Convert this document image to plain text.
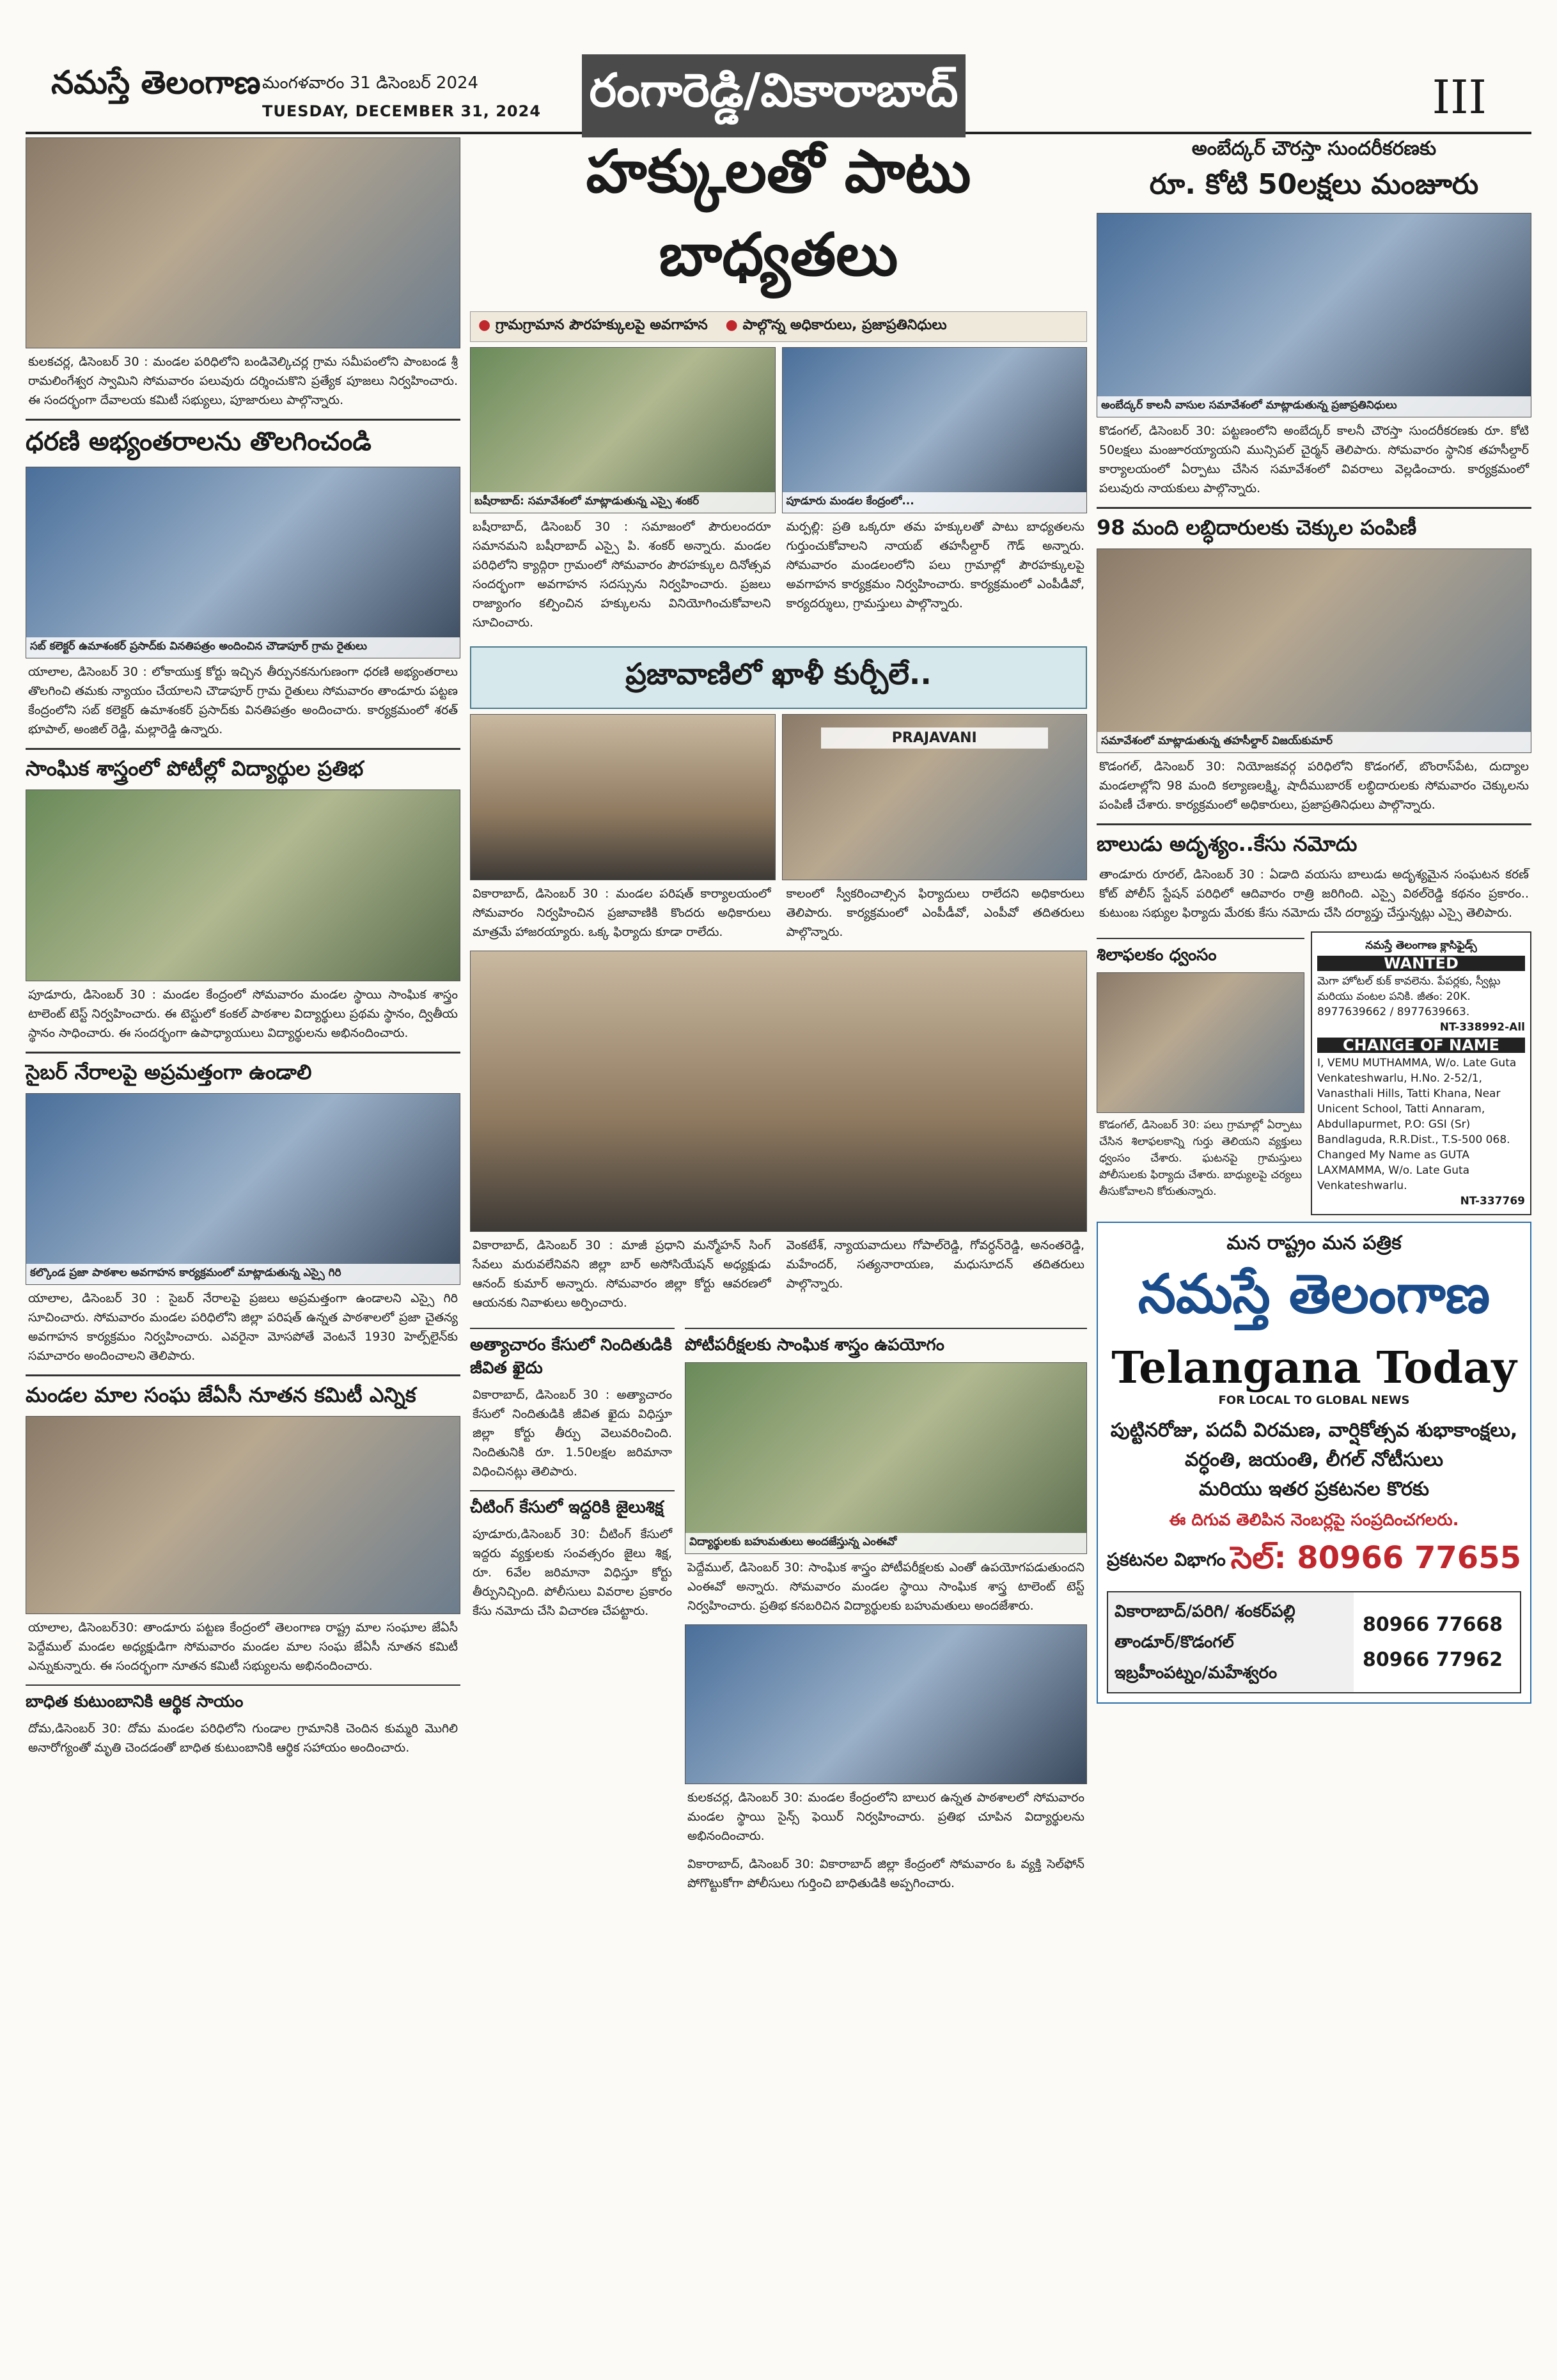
నమస్తే తెలంగాణ మంగళవారం 31 డిసెంబర్ 2024
TUESDAY, DECEMBER 31, 2024 రంగారెడ్డి/వికారాబాద్	III
కులకచర్ల, డిసెంబర్ 30 : మండల పరిధిలోని బండివెల్కిచర్ల గ్రామ సమీపంలోని పాంబండ శ్రీ రామలింగేశ్వర స్వామిని సోమవారం పలువురు దర్శించుకొని ప్రత్యేక పూజలు నిర్వహించారు. ఈ సందర్భంగా దేవాలయ కమిటీ సభ్యులు, పూజారులు పాల్గొన్నారు.
ధరణి అభ్యంతరాలను తొలగించండి
సబ్ కలెక్టర్ ఉమాశంకర్ ప్రసాద్‌కు వినతిపత్రం అందించిన చౌడాపూర్ గ్రామ రైతులు
యాలాల, డిసెంబర్ 30 : లోకాయుక్త కోర్టు ఇచ్చిన తీర్పునకనుగుణంగా ధరణి అభ్యంతరాలు తొలగించి తమకు న్యాయం చేయాలని చౌడాపూర్ గ్రామ రైతులు సోమవారం తాండూరు పట్టణ కేంద్రంలోని సబ్ కలెక్టర్ ఉమాశంకర్ ప్రసాద్‌కు వినతిపత్రం అందించారు. కార్యక్రమంలో శరత్ భూపాల్, అంజిల్ రెడ్డి, మల్లారెడ్డి ఉన్నారు.
సాంఘిక శాస్త్రంలో పోటీల్లో విద్యార్థుల ప్రతిభ
పూడూరు, డిసెంబర్ 30 : మండల కేంద్రంలో సోమవారం మండల స్థాయి సాంఘిక శాస్త్రం టాలెంట్ టెస్ట్ నిర్వహించారు. ఈ టెస్టులో కంకల్ పాఠశాల విద్యార్థులు ప్రథమ స్థానం, ద్వితీయ స్థానం సాధించారు. ఈ సందర్భంగా ఉపాధ్యాయులు విద్యార్థులను అభినందించారు.
సైబర్ నేరాలపై అప్రమత్తంగా ఉండాలి
కల్కొండ ప్రజా పాఠశాల అవగాహన కార్యక్రమంలో మాట్లాడుతున్న ఎస్సై గిరి
యాలాల, డిసెంబర్ 30 : సైబర్ నేరాలపై ప్రజలు అప్రమత్తంగా ఉండాలని ఎస్సై గిరి సూచించారు. సోమవారం మండల పరిధిలోని జిల్లా పరిషత్ ఉన్నత పాఠశాలలో ప్రజా చైతన్య అవగాహన కార్యక్రమం నిర్వహించారు. ఎవరైనా మోసపోతే వెంటనే 1930 హెల్ప్‌లైన్‌కు సమాచారం అందించాలని తెలిపారు.
మండల మాల సంఘ జేఏసీ నూతన కమిటీ ఎన్నిక
యాలాల, డిసెంబర్30: తాండూరు పట్టణ కేంద్రంలో తెలంగాణ రాష్ట్ర మాల సంఘాల జేఏసీ పెద్దేముల్ మండల అధ్యక్షుడిగా సోమవారం మండల మాల సంఘ జేఏసీ నూతన కమిటీ ఎన్నుకున్నారు. ఈ సందర్భంగా నూతన కమిటీ సభ్యులను అభినందించారు.
బాధిత కుటుంబానికి ఆర్థిక సాయం
దోమ,డిసెంబర్ 30: దోమ మండల పరిధిలోని గుండాల గ్రామానికి చెందిన కుమ్మరి మొగిలి అనారోగ్యంతో మృతి చెందడంతో బాధిత కుటుంబానికి ఆర్థిక సహాయం అందించారు.
హక్కులతో పాటు బాధ్యతలు
● గ్రామగ్రామాన పౌరహక్కులపై అవగాహన
●	పాల్గొన్న అధికారులు, ప్రజాప్రతినిధులు
బషీరాబాద్: సమావేశంలో మాట్లాడుతున్న ఎస్సై శంకర్	పూడూరు మండల కేంద్రంలో...
బషీరాబాద్, డిసెంబర్ 30 : సమాజంలో పౌరులందరూ సమానమని బషీరాబాద్ ఎస్సై పి. శంకర్ అన్నారు. మండల పరిధిలోని క్యాద్గిరా గ్రామంలో సోమవారం పౌరహక్కుల దినోత్సవ సందర్భంగా అవగాహన సదస్సును నిర్వహించారు. ప్రజలు రాజ్యాంగం కల్పించిన హక్కులను వినియోగించుకోవాలని సూచించారు.
మర్పల్లి: ప్రతి ఒక్కరూ తమ హక్కులతో పాటు బాధ్యతలను గుర్తుంచుకోవాలని నాయబ్ తహసీల్దార్ గౌడ్ అన్నారు. సోమవారం మండలంలోని పలు గ్రామాల్లో పౌరహక్కులపై అవగాహన కార్యక్రమం నిర్వహించారు. కార్యక్రమంలో ఎంపీడీవో, కార్యదర్శులు, గ్రామస్తులు పాల్గొన్నారు.
ప్రజావాణిలో ఖాళీ కుర్చీలే..
PRAJAVANI
వికారాబాద్, డిసెంబర్ 30 : మండల పరిషత్ కార్యాలయంలో సోమవారం నిర్వహించిన ప్రజావాణికి కొందరు అధికారులు మాత్రమే హాజరయ్యారు. ఒక్క ఫిర్యాదు కూడా రాలేదు.
కాలంలో స్వీకరించాల్సిన ఫిర్యాదులు రాలేదని అధికారులు తెలిపారు. కార్యక్రమంలో ఎంపీడీవో, ఎంపీవో తదితరులు పాల్గొన్నారు.
వికారాబాద్, డిసెంబర్ 30 : మాజీ ప్రధాని మన్మోహన్ సింగ్ సేవలు మరువలేనివని జిల్లా బార్ అసోసియేషన్ అధ్యక్షుడు ఆనంద్ కుమార్ అన్నారు. సోమవారం జిల్లా కోర్టు ఆవరణలో ఆయనకు నివాళులు అర్పించారు.
వెంకటేశ్, న్యాయవాదులు గోపాల్‌రెడ్డి, గోవర్ధన్‌రెడ్డి, అనంతరెడ్డి, మహేందర్, సత్యనారాయణ, మధుసూదన్ తదితరులు పాల్గొన్నారు.
అత్యాచారం కేసులో నిందితుడికి జీవిత ఖైదు
వికారాబాద్, డిసెంబర్ 30 : అత్యాచారం కేసులో నిందితుడికి జీవిత ఖైదు విధిస్తూ జిల్లా కోర్టు తీర్పు వెలువరించింది. నిందితునికి రూ. 1.50లక్షల జరిమానా విధించినట్లు తెలిపారు.
చీటింగ్ కేసులో ఇద్దరికి జైలుశిక్ష
పూడూరు,డిసెంబర్ 30: చీటింగ్ కేసులో ఇద్దరు వ్యక్తులకు సంవత్సరం జైలు శిక్ష, రూ. 6వేల జరిమానా విధిస్తూ కోర్టు తీర్పునిచ్చింది. పోలీసులు వివరాల ప్రకారం కేసు నమోదు చేసి విచారణ చేపట్టారు.
పోటీపరీక్షలకు సాంఘిక శాస్త్రం ఉపయోగం
విద్యార్థులకు బహుమతులు అందజేస్తున్న ఎంఈవో
పెద్దేముల్, డిసెంబర్ 30: సాంఘిక శాస్త్రం పోటీపరీక్షలకు ఎంతో ఉపయోగపడుతుందని ఎంఈవో అన్నారు. సోమవారం మండల స్థాయి సాంఘిక శాస్త్ర టాలెంట్ టెస్ట్ నిర్వహించారు. ప్రతిభ కనబరిచిన విద్యార్థులకు బహుమతులు అందజేశారు.
కులకచర్ల, డిసెంబర్ 30: మండల కేంద్రంలోని బాలుర ఉన్నత పాఠశాలలో సోమవారం మండల స్థాయి సైన్స్ ఫెయిర్ నిర్వహించారు. ప్రతిభ చూపిన విద్యార్థులను అభినందించారు.
వికారాబాద్, డిసెంబర్ 30: వికారాబాద్ జిల్లా కేంద్రంలో సోమవారం ఓ వ్యక్తి సెల్‌ఫోన్ పోగొట్టుకోగా పోలీసులు గుర్తించి బాధితుడికి అప్పగించారు.
అంబేద్కర్ చౌరస్తా సుందరీకరణకు
రూ. కోటి 50లక్షలు మంజూరు
అంబేద్కర్ కాలనీ వాసుల సమావేశంలో మాట్లాడుతున్న ప్రజాప్రతినిధులు
కొడంగల్, డిసెంబర్ 30: పట్టణంలోని అంబేద్కర్ కాలనీ చౌరస్తా సుందరీకరణకు రూ. కోటి 50లక్షలు మంజూరయ్యాయని మున్సిపల్ చైర్మన్ తెలిపారు. సోమవారం స్థానిక తహసీల్దార్ కార్యాలయంలో ఏర్పాటు చేసిన సమావేశంలో వివరాలు వెల్లడించారు. కార్యక్రమంలో పలువురు నాయకులు పాల్గొన్నారు.
98 మంది లబ్ధిదారులకు చెక్కుల పంపిణీ
సమావేశంలో మాట్లాడుతున్న తహసీల్దార్ విజయ్‌కుమార్
కొడంగల్, డిసెంబర్ 30: నియోజకవర్గ పరిధిలోని కొడంగల్, బొంరాస్‌పేట, దుద్యాల మండలాల్లోని 98 మంది కల్యాణలక్ష్మి, షాదీముబారక్ లబ్ధిదారులకు సోమవారం చెక్కులను పంపిణీ చేశారు. కార్యక్రమంలో అధికారులు, ప్రజాప్రతినిధులు పాల్గొన్నారు.
బాలుడు అదృశ్యం..కేసు నమోదు
తాండూరు రూరల్, డిసెంబర్ 30 : ఏడాది వయసు బాలుడు అదృశ్యమైన సంఘటన కరణ్ కోట్ పోలీస్ స్టేషన్ పరిధిలో ఆదివారం రాత్రి జరిగింది. ఎస్సై విఠల్‌రెడ్డి కథనం ప్రకారం.. కుటుంబ సభ్యుల ఫిర్యాదు మేరకు కేసు నమోదు చేసి దర్యాప్తు చేస్తున్నట్లు ఎస్సై తెలిపారు.
శిలాఫలకం ధ్వంసం
కొడంగల్, డిసెంబర్ 30: పలు గ్రామాల్లో ఏర్పాటు చేసిన శిలాఫలకాన్ని గుర్తు తెలియని వ్యక్తులు ధ్వంసం చేశారు. ఘటనపై గ్రామస్తులు పోలీసులకు ఫిర్యాదు చేశారు. బాధ్యులపై చర్యలు తీసుకోవాలని కోరుతున్నారు.
నమస్తే తెలంగాణ క్లాసిఫైడ్స్
WANTED
మెగా హోటల్ కుక్ కావలెను. పేపర్లకు, స్వీట్లు మరియు వంటల పనికి. జీతం: 20K. 8977639662 / 8977639663.
NT-338992-All
CHANGE OF NAME
I, VEMU MUTHAMMA, W/o. Late Guta Venkateshwarlu, H.No. 2-52/1, Vanasthali Hills, Tatti Khana, Near Unicent School, Tatti Annaram, Abdullapurmet, P.O: GSI (Sr) Bandlaguda, R.R.Dist., T.S-500 068. Changed My Name as GUTA LAXMAMMA, W/o. Late Guta Venkateshwarlu.
NT-337769
మన రాష్ట్రం మన పత్రిక
నమస్తే తెలంగాణ
Telangana Today
FOR LOCAL TO GLOBAL NEWS
పుట్టినరోజు, పదవీ విరమణ, వార్షికోత్సవ శుభాకాంక్షలు,
వర్ధంతి, జయంతి, లీగల్ నోటీసులు
మరియు ఇతర ప్రకటనల కొరకు
ఈ దిగువ తెలిపిన నెంబర్లపై సంప్రదించగలరు.
ప్రకటనల విభాగం సెల్: 80966 77655
వికారాబాద్/పరిగి/ శంకర్‌పల్లి
తాండూర్/కొడంగల్
ఇబ్రహీంపట్నం/మహేశ్వరం
80966 77668
80966 77962
